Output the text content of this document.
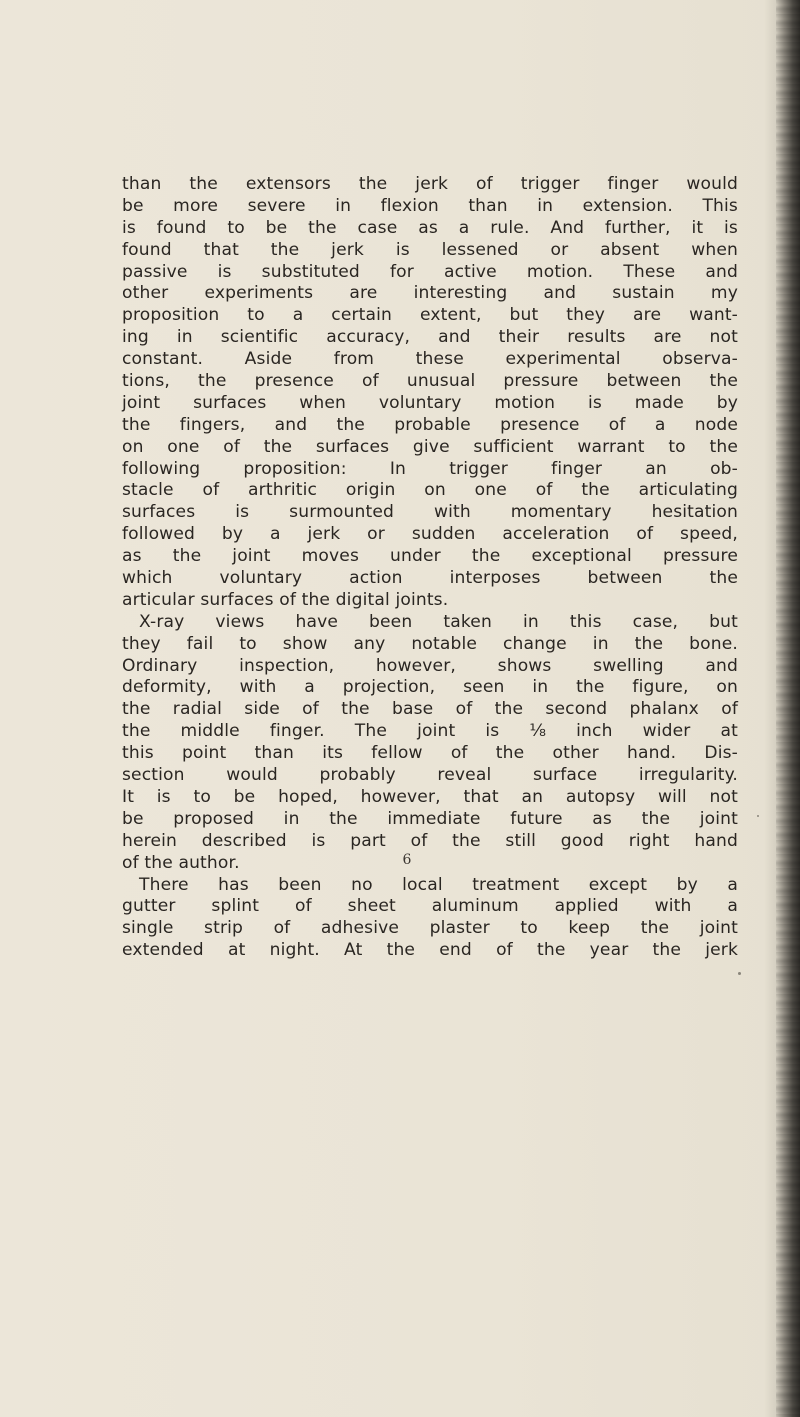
than the extensors the jerk of trigger finger would
be more severe in flexion than in extension. This
is found to be the case as a rule. And further, it is
found that the jerk is lessened or absent when
passive is substituted for active motion. These and
other experiments are interesting and sustain my
proposition to a certain extent, but they are want-
ing in scientific accuracy, and their results are not
constant. Aside from these experimental observa-
tions, the presence of unusual pressure between the
joint surfaces when voluntary motion is made by
the fingers, and the probable presence of a node
on one of the surfaces give sufficient warrant to the
following proposition: In trigger finger an ob-
stacle of arthritic origin on one of the articulating
surfaces is surmounted with momentary hesitation
followed by a jerk or sudden acceleration of speed,
as the joint moves under the exceptional pressure
which voluntary action interposes between the
articular surfaces of the digital joints.
X-ray views have been taken in this case, but
they fail to show any notable change in the bone.
Ordinary inspection, however, shows swelling and
deformity, with a projection, seen in the figure, on
the radial side of the base of the second phalanx of
the middle finger. The joint is ⅛ inch wider at
this point than its fellow of the other hand. Dis-
section would probably reveal surface irregularity.
It is to be hoped, however, that an autopsy will not
be proposed in the immediate future as the joint
herein described is part of the still good right hand
of the author.
There has been no local treatment except by a
gutter splint of sheet aluminum applied with a
single strip of adhesive plaster to keep the joint
extended at night. At the end of the year the jerk
6
